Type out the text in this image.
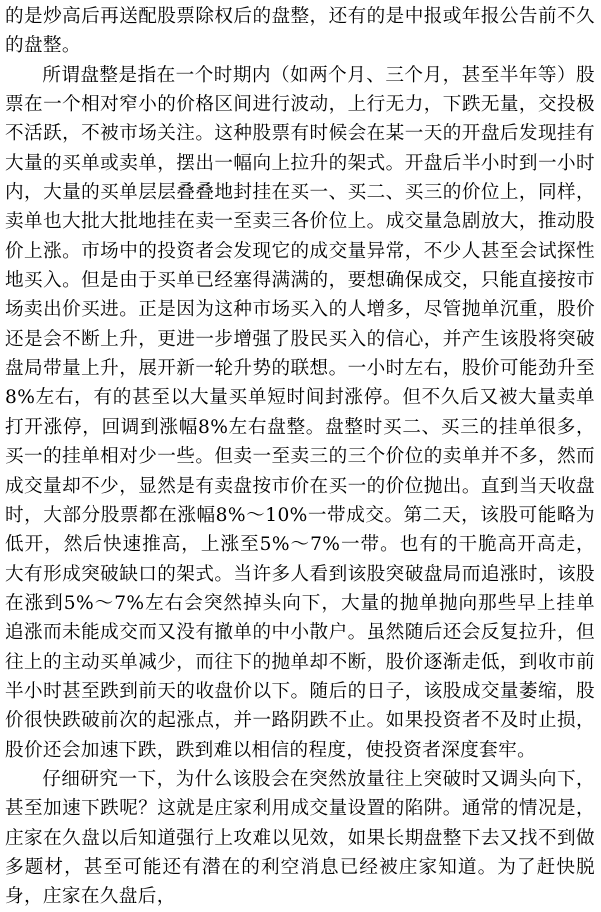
的是炒高后再送配股票除权后的盘整，还有的是中报或年报公告前不久的盘整。

所谓盘整是指在一个时期内（如两个月、三个月，甚至半年等）股票在一个相对窄小的价格区间进行波动，上行无力，下跌无量，交投极不活跃，不被市场关注。这种股票有时候会在某一天的开盘后发现挂有大量的买单或卖单，摆出一幅向上拉升的架式。开盘后半小时到一小时内，大量的买单层层叠叠地封挂在买一、买二、买三的价位上，同样，卖单也大批大批地挂在卖一至卖三各价位上。成交量急剧放大，推动股价上涨。市场中的投资者会发现它的成交量异常，不少人甚至会试探性地买入。但是由于买单已经塞得满满的，要想确保成交，只能直接按市场卖出价买进。正是因为这种市场买入的人增多，尽管抛单沉重，股价还是会不断上升，更进一步增强了股民买入的信心，并产生该股将突破盘局带量上升，展开新一轮升势的联想。一小时左右，股价可能劲升至8%左右，有的甚至以大量买单短时间封涨停。但不久后又被大量卖单打开涨停，回调到涨幅8%左右盘整。盘整时买二、买三的挂单很多，买一的挂单相对少一些。但卖一至卖三的三个价位的卖单并不多，然而成交量却不少，显然是有卖盘按市价在买一的价位抛出。直到当天收盘时，大部分股票都在涨幅8%～10%一带成交。第二天，该股可能略为低开，然后快速推高，上涨至5%～7%一带。也有的干脆高开高走，大有形成突破缺口的架式。当许多人看到该股突破盘局而追涨时，该股在涨到5%～7%左右会突然掉头向下，大量的抛单抛向那些早上挂单追涨而未能成交而又没有撤单的中小散户。虽然随后还会反复拉升，但往上的主动买单减少，而往下的抛单却不断，股价逐渐走低，到收市前半小时甚至跌到前天的收盘价以下。随后的日子，该股成交量萎缩，股价很快跌破前次的起涨点，并一路阴跌不止。如果投资者不及时止损，股价还会加速下跌，跌到难以相信的程度，使投资者深度套牢。

仔细研究一下，为什么该股会在突然放量往上突破时又调头向下，甚至加速下跌呢？这就是庄家利用成交量设置的陷阱。通常的情况是，庄家在久盘以后知道强行上攻难以见效，如果长期盘整下去又找不到做多题材，甚至可能还有潜在的利空消息已经被庄家知道。为了赶快脱身，庄家在久盘后，
